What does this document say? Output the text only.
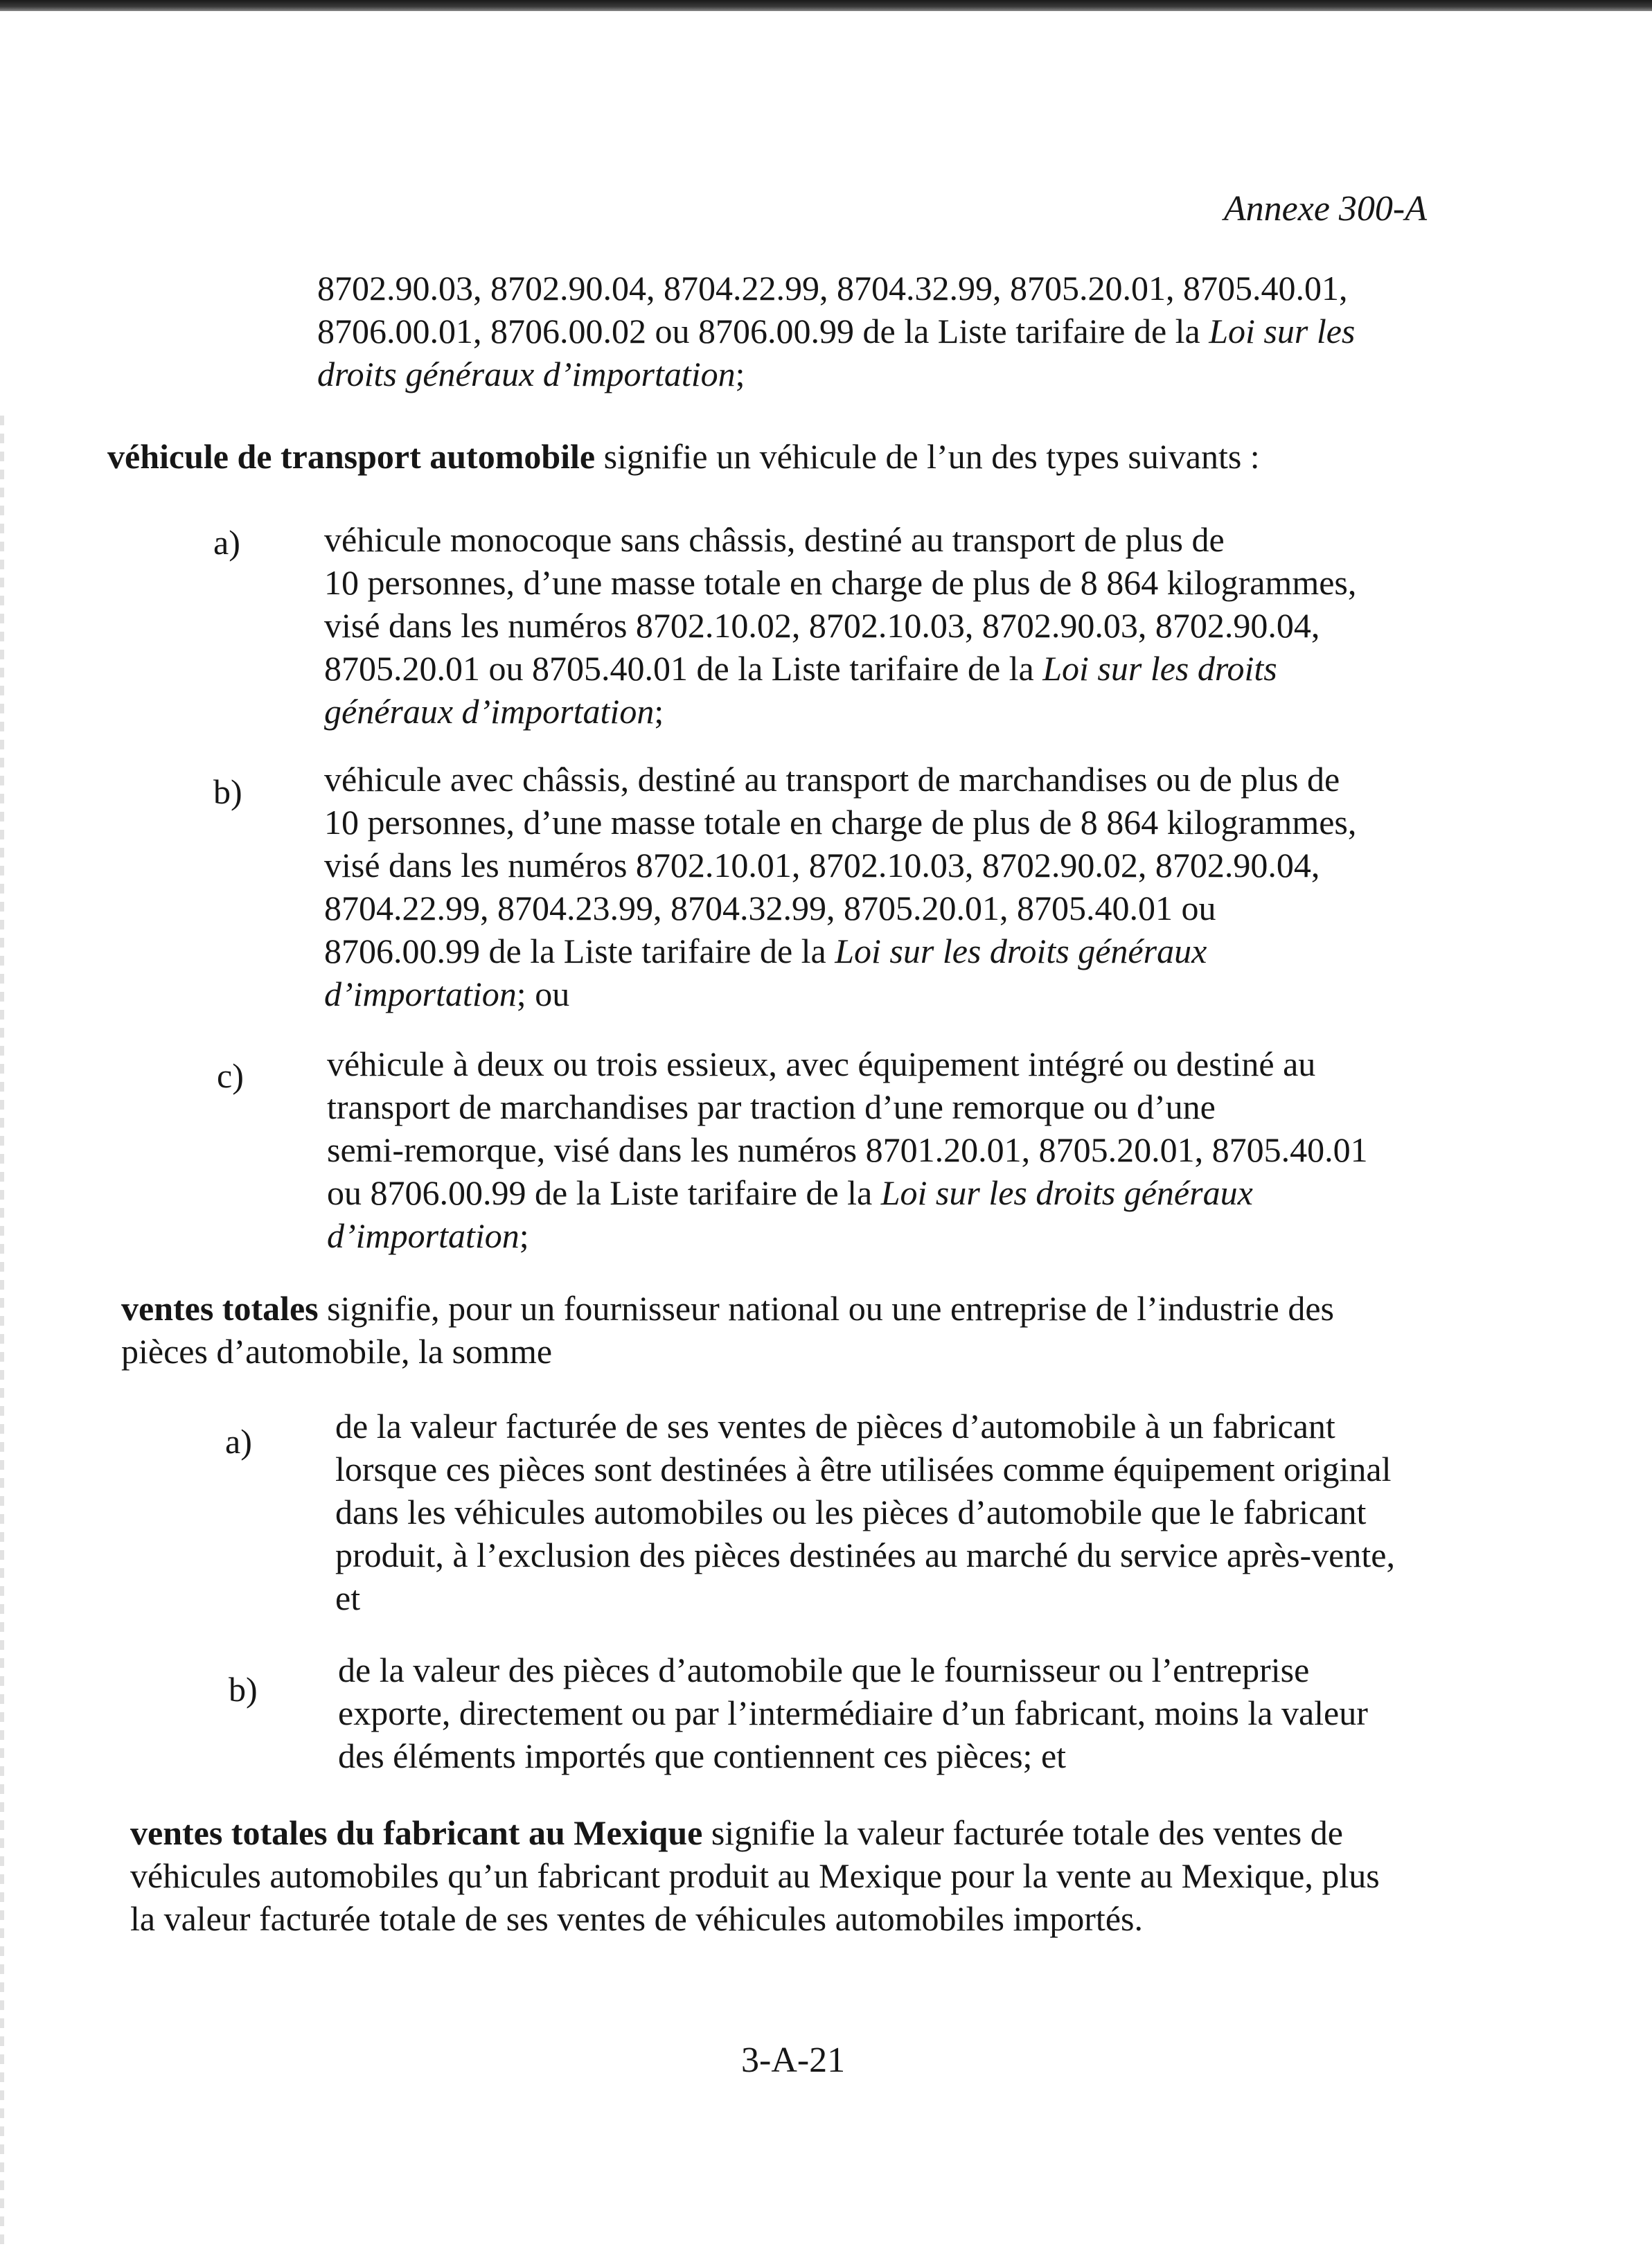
Annexe 300-A

8702.90.03, 8702.90.04, 8704.22.99, 8704.32.99, 8705.20.01, 8705.40.01,

8706.00.01, 8706.00.02 ou 8706.00.99 de la Liste tarifaire de la Loi sur les

droits généraux d’importation;

véhicule de transport automobile signifie un véhicule de l’un des types suivants :

a) véhicule monocoque sans châssis, destiné au transport de plus de

10 personnes, d’une masse totale en charge de plus de 8 864 kilogrammes,

visé dans les numéros 8702.10.02, 8702.10.03, 8702.90.03, 8702.90.04,

8705.20.01 ou 8705.40.01 de la Liste tarifaire de la Loi sur les droits

généraux d’importation;

b) véhicule avec châssis, destiné au transport de marchandises ou de plus de

10 personnes, d’une masse totale en charge de plus de 8 864 kilogrammes,

visé dans les numéros 8702.10.01, 8702.10.03, 8702.90.02, 8702.90.04,

8704.22.99, 8704.23.99, 8704.32.99, 8705.20.01, 8705.40.01 ou

8706.00.99 de la Liste tarifaire de la Loi sur les droits généraux

d’importation; ou

c) véhicule à deux ou trois essieux, avec équipement intégré ou destiné au

transport de marchandises par traction d’une remorque ou d’une

semi-remorque, visé dans les numéros 8701.20.01, 8705.20.01, 8705.40.01

ou 8706.00.99 de la Liste tarifaire de la Loi sur les droits généraux

d’importation;

ventes totales signifie, pour un fournisseur national ou une entreprise de l’industrie des

pièces d’automobile, la somme

a) de la valeur facturée de ses ventes de pièces d’automobile à un fabricant

lorsque ces pièces sont destinées à être utilisées comme équipement original

dans les véhicules automobiles ou les pièces d’automobile que le fabricant

produit, à l’exclusion des pièces destinées au marché du service après-vente,

et

b) de la valeur des pièces d’automobile que le fournisseur ou l’entreprise

exporte, directement ou par l’intermédiaire d’un fabricant, moins la valeur

des éléments importés que contiennent ces pièces; et

ventes totales du fabricant au Mexique signifie la valeur facturée totale des ventes de

véhicules automobiles qu’un fabricant produit au Mexique pour la vente au Mexique, plus

la valeur facturée totale de ses ventes de véhicules automobiles importés.

3-A-21
